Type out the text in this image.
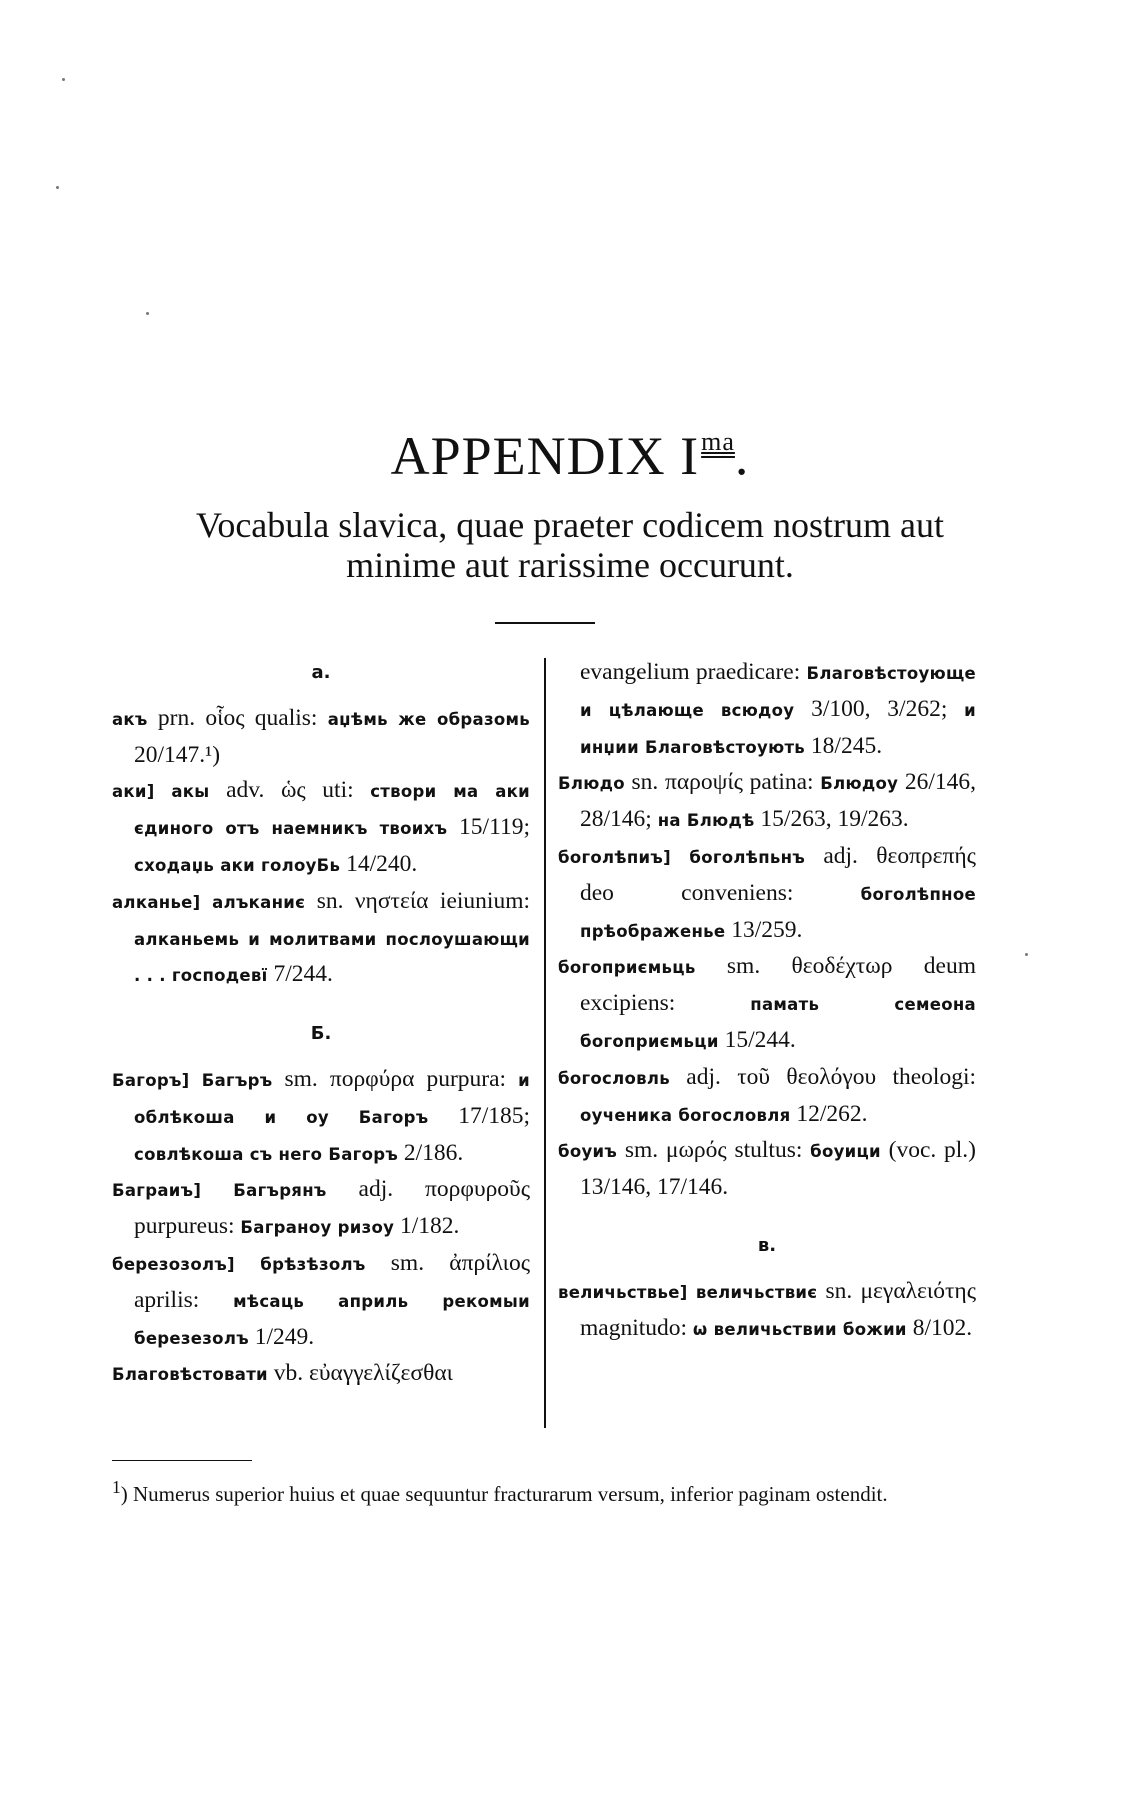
APPENDIX $I^{ma}$.
Vocabula slavica, quae praeter codicem nostrum aut
minime aut rarissime occurunt.
а.

акъ prn. οἷος qualis: аџѣмь же образомь 20/147.¹)

аки] акы adv. ὡς uti: створи ма аки єдиного отъ наемникъ твоихъ 15/119; сходаџь аки голоуБь 14/240.

алканье] алъканиє sn. νηστεία ieiunium: алканьемь и молитвами послоушающи . . . господевї 7/244.

Б.

Багоръ] Багъръ sm. πορφύρα purpura: и облѣкоша и оу Багоръ 17/185; совлѣкоша съ него Багоръ 2/186.

Баграиъ] Багърянъ adj. πορφυροῦς purpureus: Баграноу ризоу 1/182.

березозолъ] брѣзѣзолъ sm. ἀπρίλιος aprilis: мѣсаць априль рекомыи березезолъ 1/249.

Благовѣстовати vb. εὐαγγελίζεσθαι

evangelium praedicare: Благовѣстоующе и цѣлающе всюдоу 3/100, 3/262; и инџии Благовѣстоують 18/245.

Блюдо sn. παροψίς patina: Блюдоу 26/146, 28/146; на Блюдѣ 15/263, 19/263.

боголѣпиъ] боголѣпьнъ adj. θεοπρεπής deo conveniens: боголѣпное прѣображенье 13/259.

богоприємьць sm. θεοδέχτωρ deum excipiens: памать семеона богоприємьци 15/244.

богословль adj. τοῦ θεολόγου theologi: оученика богословля 12/262.

боуиъ sm. μωρός stultus: боуици (voc. pl.) 13/146, 17/146.

в.

величьствье] величьствиє sn. μεγαλειότης magnitudo: ѡ величьствии божии 8/102.

$^1$) Numerus superior huius et quae sequuntur fracturarum versum, inferior paginam ostendit.
